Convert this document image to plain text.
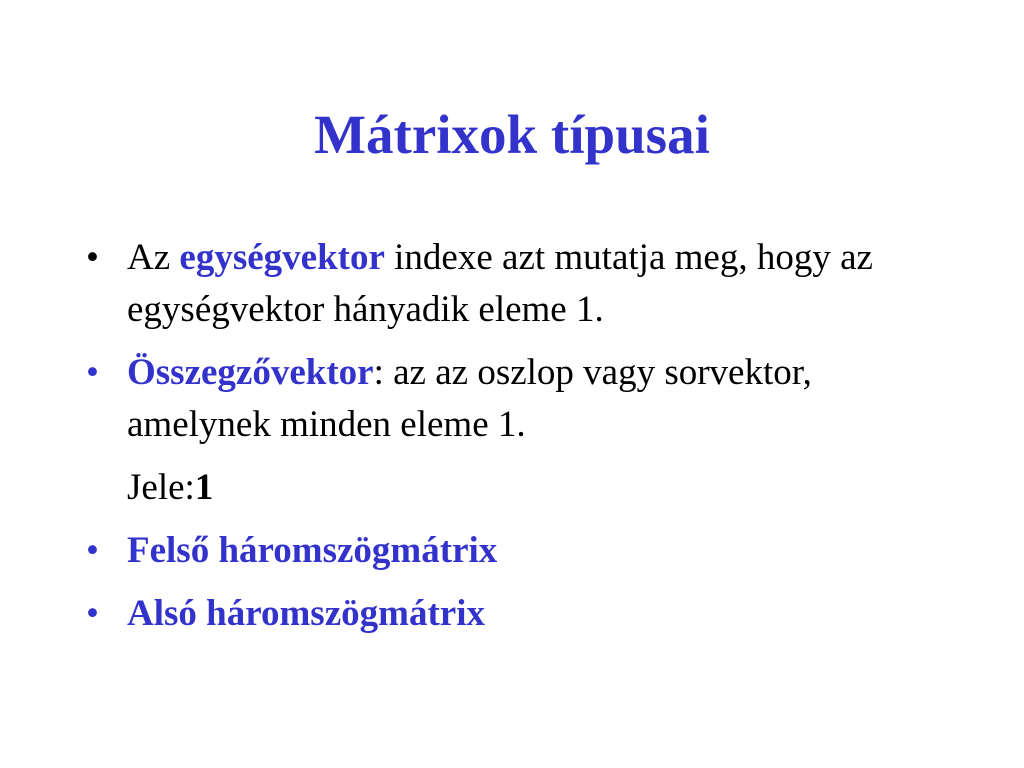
Mátrixok típusai
• Az egységvektor indexe azt mutatja meg, hogy az egységvektor hányadik eleme 1.
• Összegzővektor: az az oszlop vagy sorvektor, amelynek minden eleme 1.
Jele:1
• Felső háromszögmátrix
• Alsó háromszögmátrix
